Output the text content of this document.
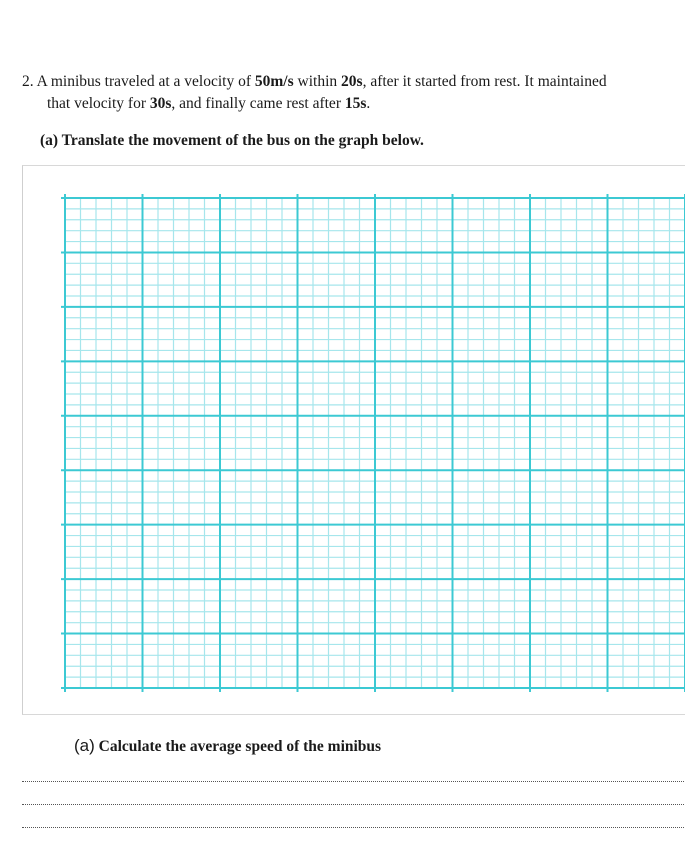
2. A minibus traveled at a velocity of 50m/s within 20s, after it started from rest. It maintained
that velocity for 30s, and finally came rest after 15s.
(a) Translate the movement of the bus on the graph below.
(a) Calculate the average speed of the minibus
